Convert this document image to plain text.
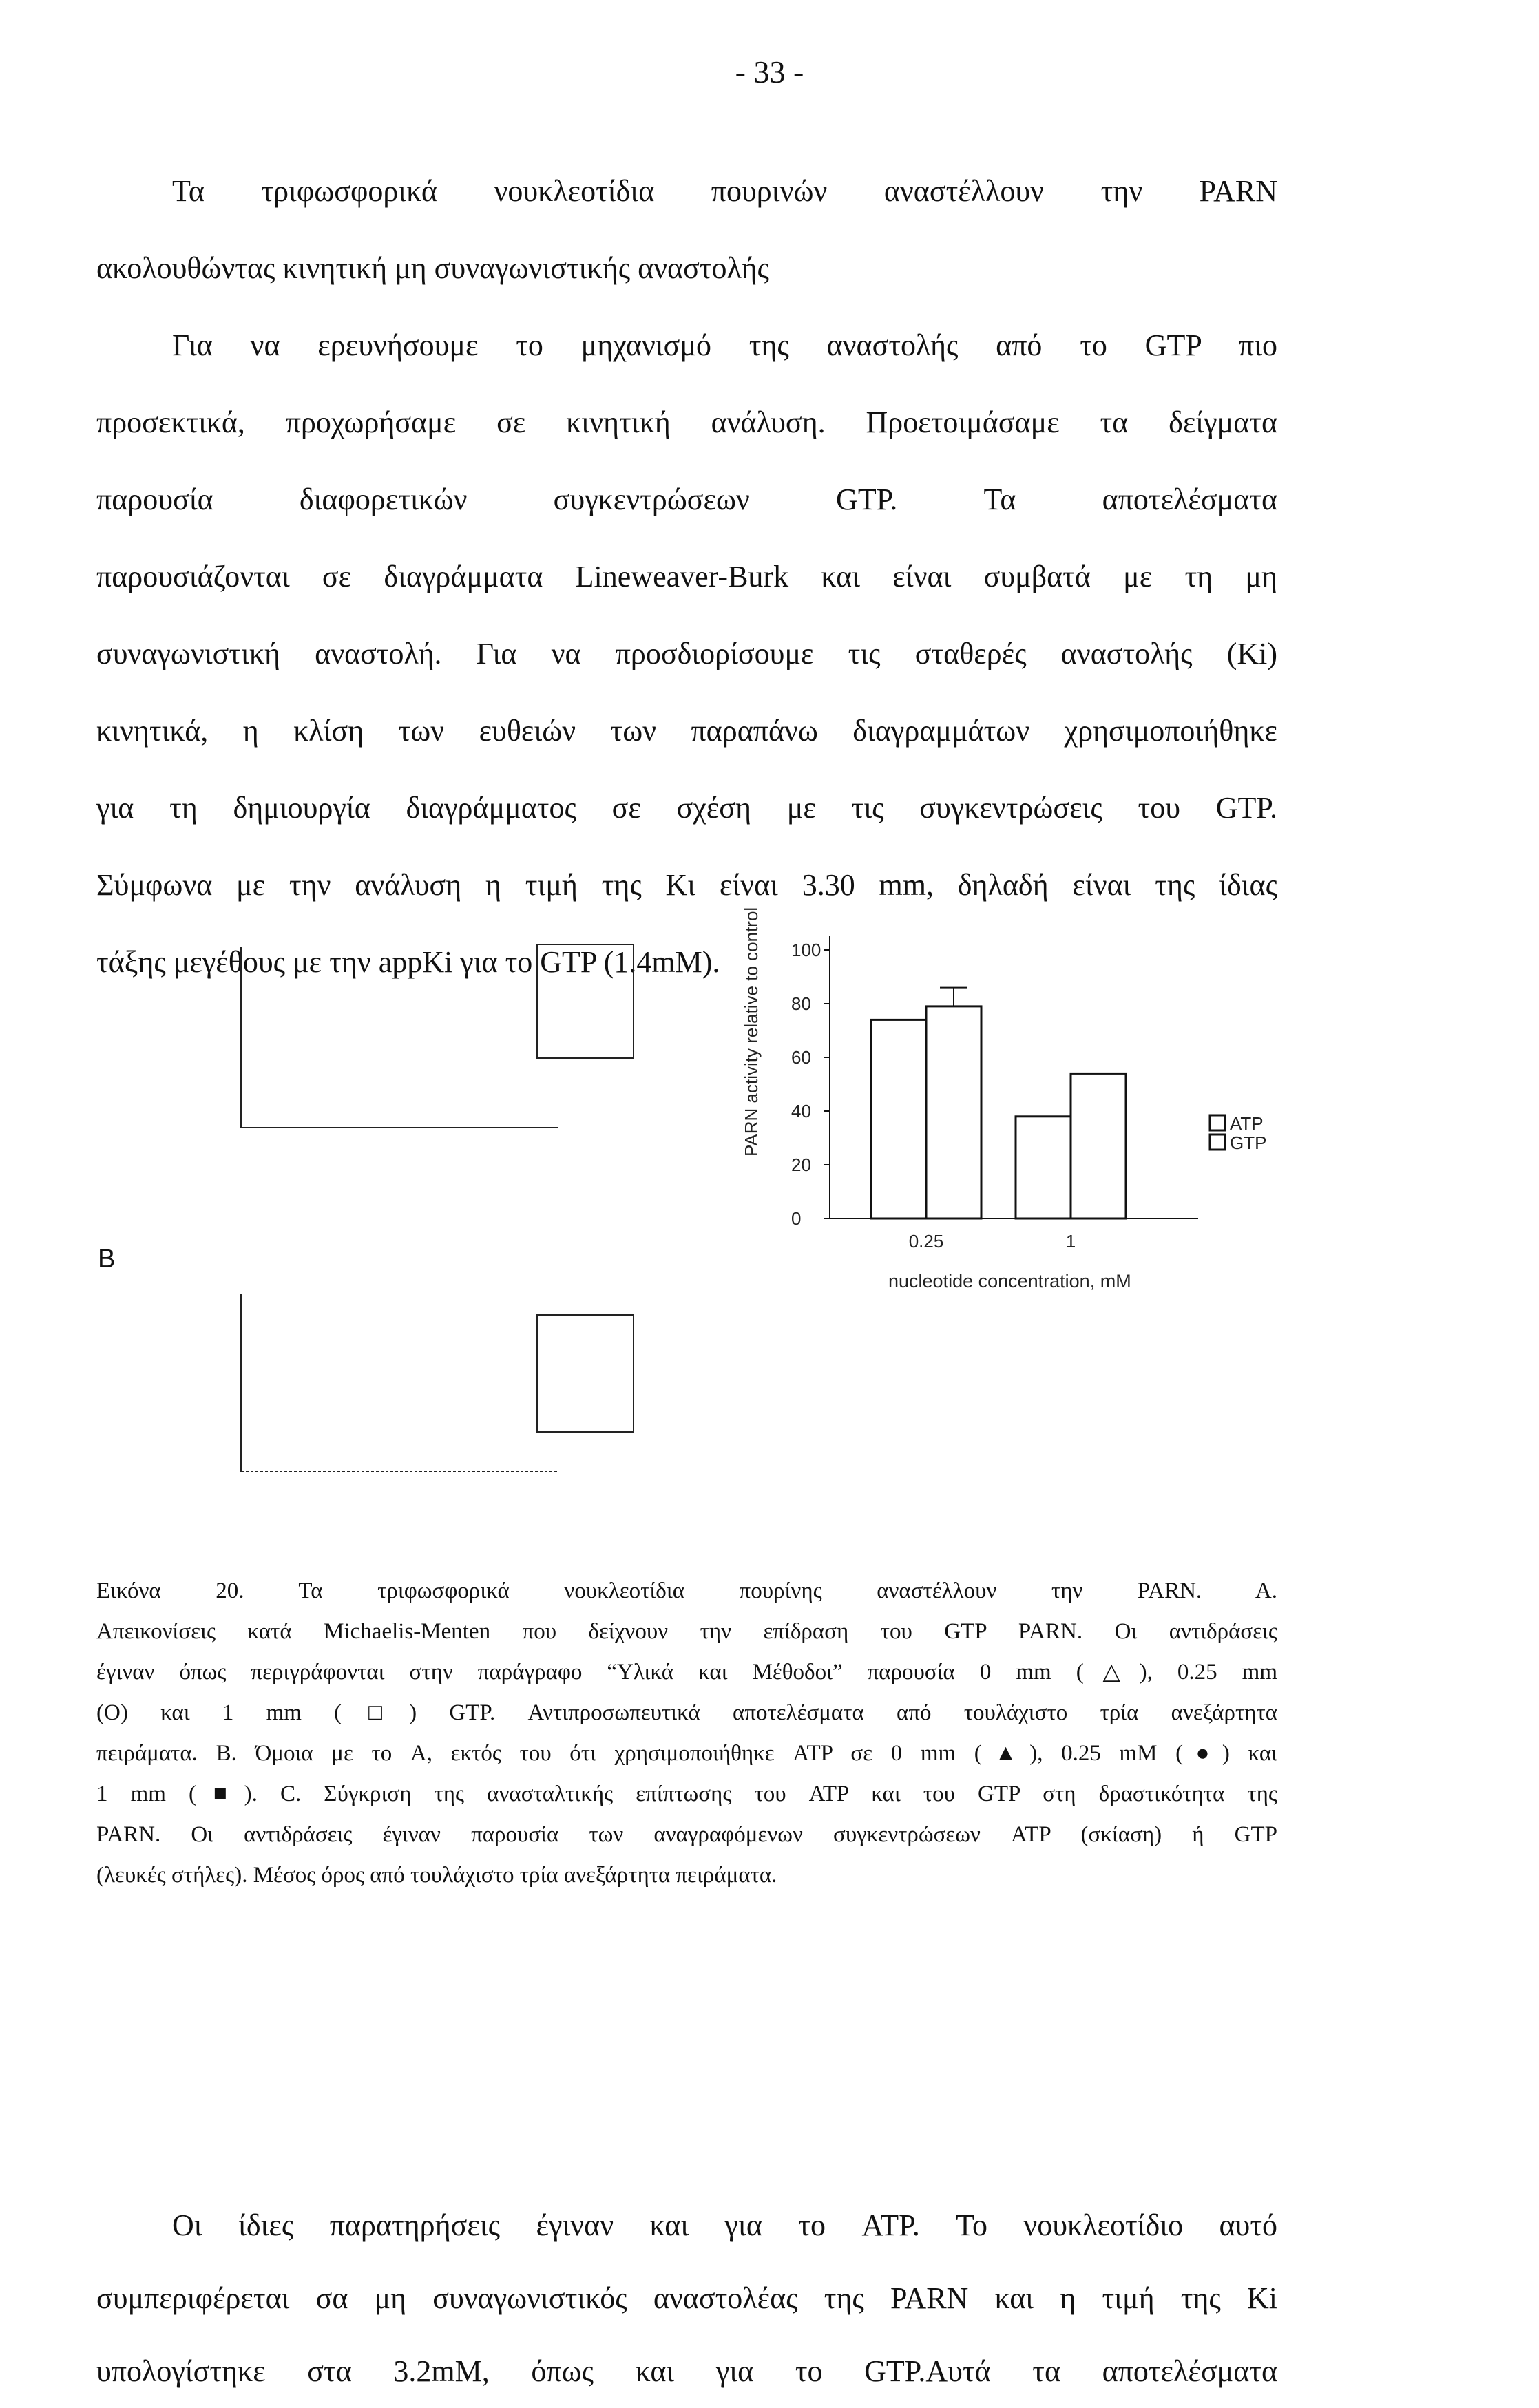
- 33 -
Τα τριφωσφορικά νουκλεοτίδια πουρινών αναστέλλουν την PARN
ακολουθώντας κινητική μη συναγωνιστικής αναστολής
Για να ερευνήσουμε το μηχανισμό της αναστολής από το GTP πιο
προσεκτικά, προχωρήσαμε σε κινητική ανάλυση. Προετοιμάσαμε τα δείγματα
παρουσία διαφορετικών συγκεντρώσεων GTP. Τα αποτελέσματα
παρουσιάζονται σε διαγράμματα Lineweaver-Burk και είναι συμβατά με τη μη
συναγωνιστική αναστολή. Για να προσδιορίσουμε τις σταθερές αναστολής (Ki)
κινητικά, η κλίση των ευθειών των παραπάνω διαγραμμάτων χρησιμοποιήθηκε
για τη δημιουργία διαγράμματος σε σχέση με τις συγκεντρώσεις του GTP.
Σύμφωνα με την ανάλυση η τιμή της Κι είναι 3.30 mm, δηλαδή είναι της ίδιας
τάξης μεγέθους με την appKi για το GTP (1.4mM).	PARN activity relative to control
0
20
40
60
80
100
0.25	1
nucleotide concentration, mM
ATP
GTP
B
Εικόνα 20. Τα τριφωσφορικά νουκλεοτίδια πουρίνης αναστέλλουν την PARN. A.
Απεικονίσεις κατά Michaelis-Menten που δείχνουν την επίδραση του GTP PARN. Οι αντιδράσεις
έγιναν όπως περιγράφονται στην παράγραφο “Υλικά και Μέθοδοι” παρουσία 0 mm (△), 0.25 mm
(O) και 1 mm (□) GTP. Αντιπροσωπευτικά αποτελέσματα από τουλάχιστο τρία ανεξάρτητα
πειράματα. B. Όμοια με το A, εκτός του ότι χρησιμοποιήθηκε ATP σε 0 mm (▲), 0.25 mM (●) και
1 mm (■). C. Σύγκριση της ανασταλτικής επίπτωσης του ATP και του GTP στη δραστικότητα της
PARN. Οι αντιδράσεις έγιναν παρουσία των αναγραφόμενων συγκεντρώσεων ATP (σκίαση) ή GTP
(λευκές στήλες). Μέσος όρος από τουλάχιστο τρία ανεξάρτητα πειράματα.
Οι ίδιες παρατηρήσεις έγιναν και για το ATP. Το νουκλεοτίδιο αυτό
συμπεριφέρεται σα μη συναγωνιστικός αναστολέας της PARN και η τιμή της Κi
υπολογίστηκε στα 3.2mM, όπως και για το GTP.Αυτά τα αποτελέσματα
